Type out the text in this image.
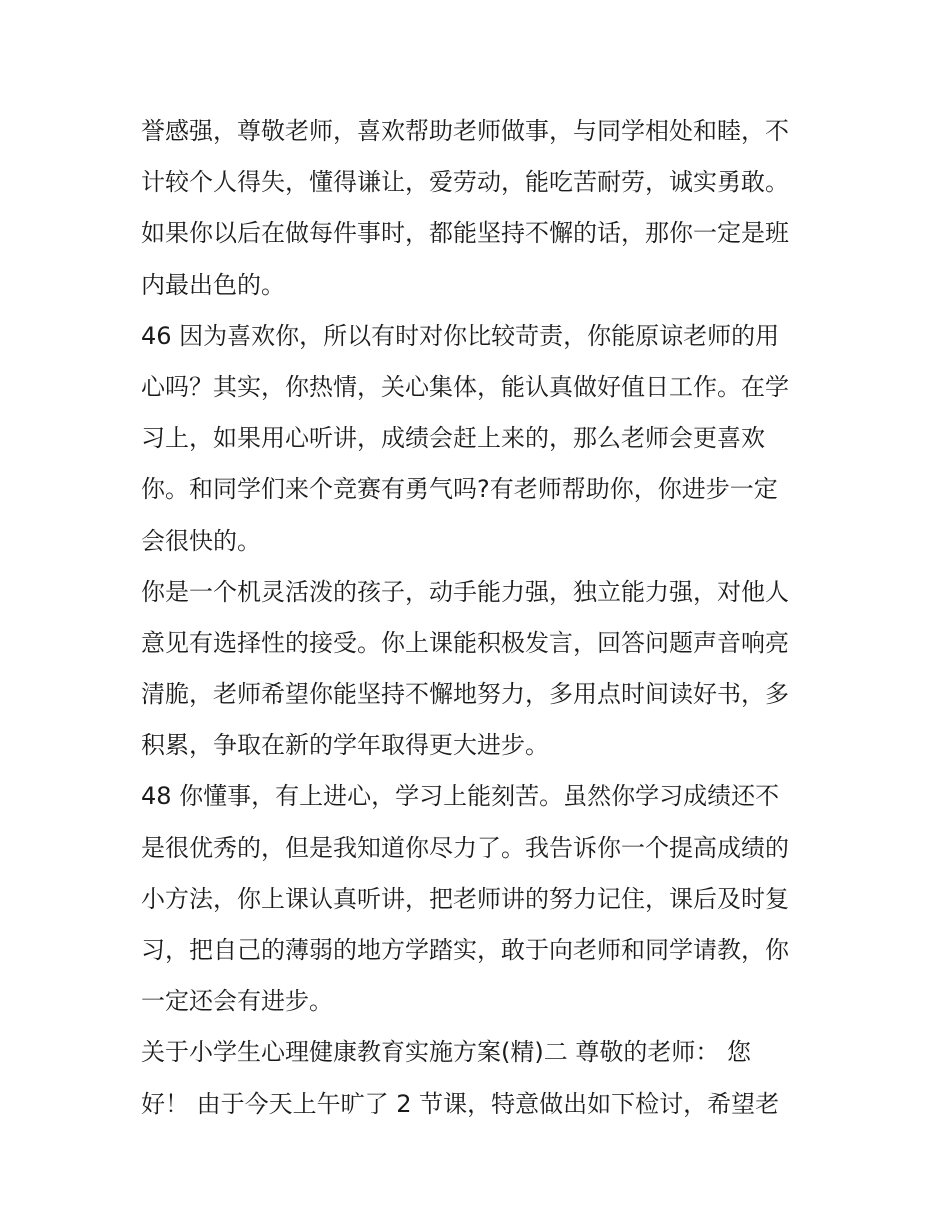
誉感强，尊敬老师，喜欢帮助老师做事，与同学相处和睦，不
计较个人得失，懂得谦让，爱劳动，能吃苦耐劳，诚实勇敢。
如果你以后在做每件事时，都能坚持不懈的话，那你一定是班
内最出色的。
46 因为喜欢你，所以有时对你比较苛责，你能原谅老师的用
心吗？其实，你热情，关心集体，能认真做好值日工作。在学
习上，如果用心听讲，成绩会赶上来的，那么老师会更喜欢
你。和同学们来个竞赛有勇气吗?有老师帮助你，你进步一定
会很快的。
你是一个机灵活泼的孩子，动手能力强，独立能力强，对他人
意见有选择性的接受。你上课能积极发言，回答问题声音响亮
清脆，老师希望你能坚持不懈地努力，多用点时间读好书，多
积累，争取在新的学年取得更大进步。
48 你懂事，有上进心，学习上能刻苦。虽然你学习成绩还不
是很优秀的，但是我知道你尽力了。我告诉你一个提高成绩的
小方法，你上课认真听讲，把老师讲的努力记住，课后及时复
习，把自己的薄弱的地方学踏实，敢于向老师和同学请教，你
一定还会有进步。
关于小学生心理健康教育实施方案(精)二 尊敬的老师： 您
好！ 由于今天上午旷了 2 节课，特意做出如下检讨，希望老
